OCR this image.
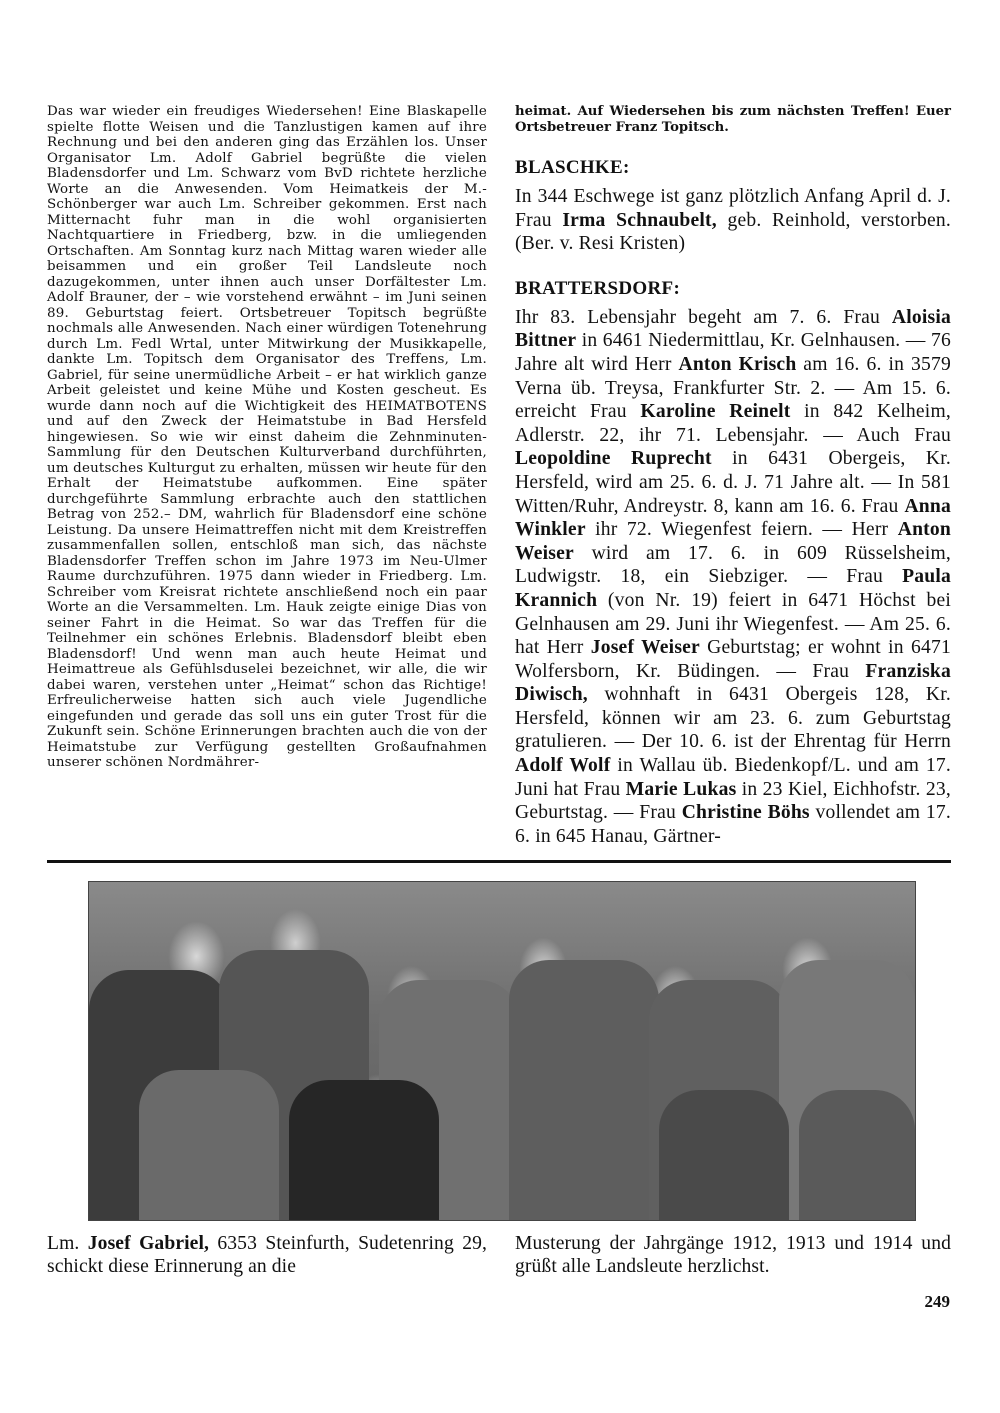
Das war wieder ein freudiges Wiedersehen! Eine Blaskapelle spielte flotte Weisen und die Tanzlustigen kamen auf ihre Rechnung und bei den anderen ging das Erzählen los. Unser Organisator Lm. Adolf Gabriel begrüßte die vielen Bladensdorfer und Lm. Schwarz vom BvD richtete herzliche Worte an die Anwesenden. Vom Heimatkeis der M.-Schönberger war auch Lm. Schreiber gekommen. Erst nach Mitternacht fuhr man in die wohl organisierten Nachtquartiere in Friedberg, bzw. in die umliegenden Ortschaften. Am Sonntag kurz nach Mittag waren wieder alle beisammen und ein großer Teil Landsleute noch dazugekommen, unter ihnen auch unser Dorfältester Lm. Adolf Brauner, der – wie vorstehend erwähnt – im Juni seinen 89. Geburtstag feiert. Ortsbetreuer Topitsch begrüßte nochmals alle Anwesenden. Nach einer würdigen Totenehrung durch Lm. Fedl Wrtal, unter Mitwirkung der Musikkapelle, dankte Lm. Topitsch dem Organisator des Treffens, Lm. Gabriel, für seine unermüdliche Arbeit – er hat wirklich ganze Arbeit geleistet und keine Mühe und Kosten gescheut. Es wurde dann noch auf die Wichtigkeit des HEIMATBOTENS und auf den Zweck der Heimatstube in Bad Hersfeld hingewiesen. So wie wir einst daheim die Zehnminuten-Sammlung für den Deutschen Kulturverband durchführten, um deutsches Kulturgut zu erhalten, müssen wir heute für den Erhalt der Heimatstube aufkommen. Eine später durchgeführte Sammlung erbrachte auch den stattlichen Betrag von 252.– DM, wahrlich für Bladensdorf eine schöne Leistung. Da unsere Heimattreffen nicht mit dem Kreistreffen zusammenfallen sollen, entschloß man sich, das nächste Bladensdorfer Treffen schon im Jahre 1973 im Neu-Ulmer Raume durchzuführen. 1975 dann wieder in Friedberg. Lm. Schreiber vom Kreisrat richtete anschließend noch ein paar Worte an die Versammelten. Lm. Hauk zeigte einige Dias von seiner Fahrt in die Heimat. So war das Treffen für die Teilnehmer ein schönes Erlebnis. Bladensdorf bleibt eben Bladensdorf! Und wenn man auch heute Heimat und Heimattreue als Gefühlsduselei bezeichnet, wir alle, die wir dabei waren, verstehen unter „Heimat“ schon das Richtige! Erfreulicherweise hatten sich auch viele Jugendliche eingefunden und gerade das soll uns ein guter Trost für die Zukunft sein. Schöne Erinnerungen brachten auch die von der Heimatstube zur Verfügung gestellten Großaufnahmen unserer schönen Nordmährer-

heimat. Auf Wiedersehen bis zum nächsten Treffen! Euer Ortsbetreuer Franz Topitsch.

BLASCHKE:

In 344 Eschwege ist ganz plötzlich Anfang April d. J. Frau Irma Schnaubelt, geb. Reinhold, verstorben. (Ber. v. Resi Kristen)

BRATTERSDORF:

Ihr 83. Lebensjahr begeht am 7. 6. Frau Aloisia Bittner in 6461 Niedermittlau, Kr. Gelnhausen. — 76 Jahre alt wird Herr Anton Krisch am 16. 6. in 3579 Verna üb. Treysa, Frankfurter Str. 2. — Am 15. 6. erreicht Frau Karoline Reinelt in 842 Kelheim, Adlerstr. 22, ihr 71. Lebensjahr. — Auch Frau Leopoldine Ruprecht in 6431 Obergeis, Kr. Hersfeld, wird am 25. 6. d. J. 71 Jahre alt. — In 581 Witten/Ruhr, Andreystr. 8, kann am 16. 6. Frau Anna Winkler ihr 72. Wiegenfest feiern. — Herr Anton Weiser wird am 17. 6. in 609 Rüsselsheim, Ludwigstr. 18, ein Siebziger. — Frau Paula Krannich (von Nr. 19) feiert in 6471 Höchst bei Gelnhausen am 29. Juni ihr Wiegenfest. — Am 25. 6. hat Herr Josef Weiser Geburtstag; er wohnt in 6471 Wolfersborn, Kr. Büdingen. — Frau Franziska Diwisch, wohnhaft in 6431 Obergeis 128, Kr. Hersfeld, können wir am 23. 6. zum Geburtstag gratulieren. — Der 10. 6. ist der Ehrentag für Herrn Adolf Wolf in Wallau üb. Biedenkopf/L. und am 17. Juni hat Frau Marie Lukas in 23 Kiel, Eichhofstr. 23, Geburtstag. — Frau Christine Böhs vollendet am 17. 6. in 645 Hanau, Gärtner-

Lm. Josef Gabriel, 6353 Steinfurth, Sudetenring 29, schickt diese Erinnerung an die

Musterung der Jahrgänge 1912, 1913 und 1914 und grüßt alle Landsleute herzlichst.

249
